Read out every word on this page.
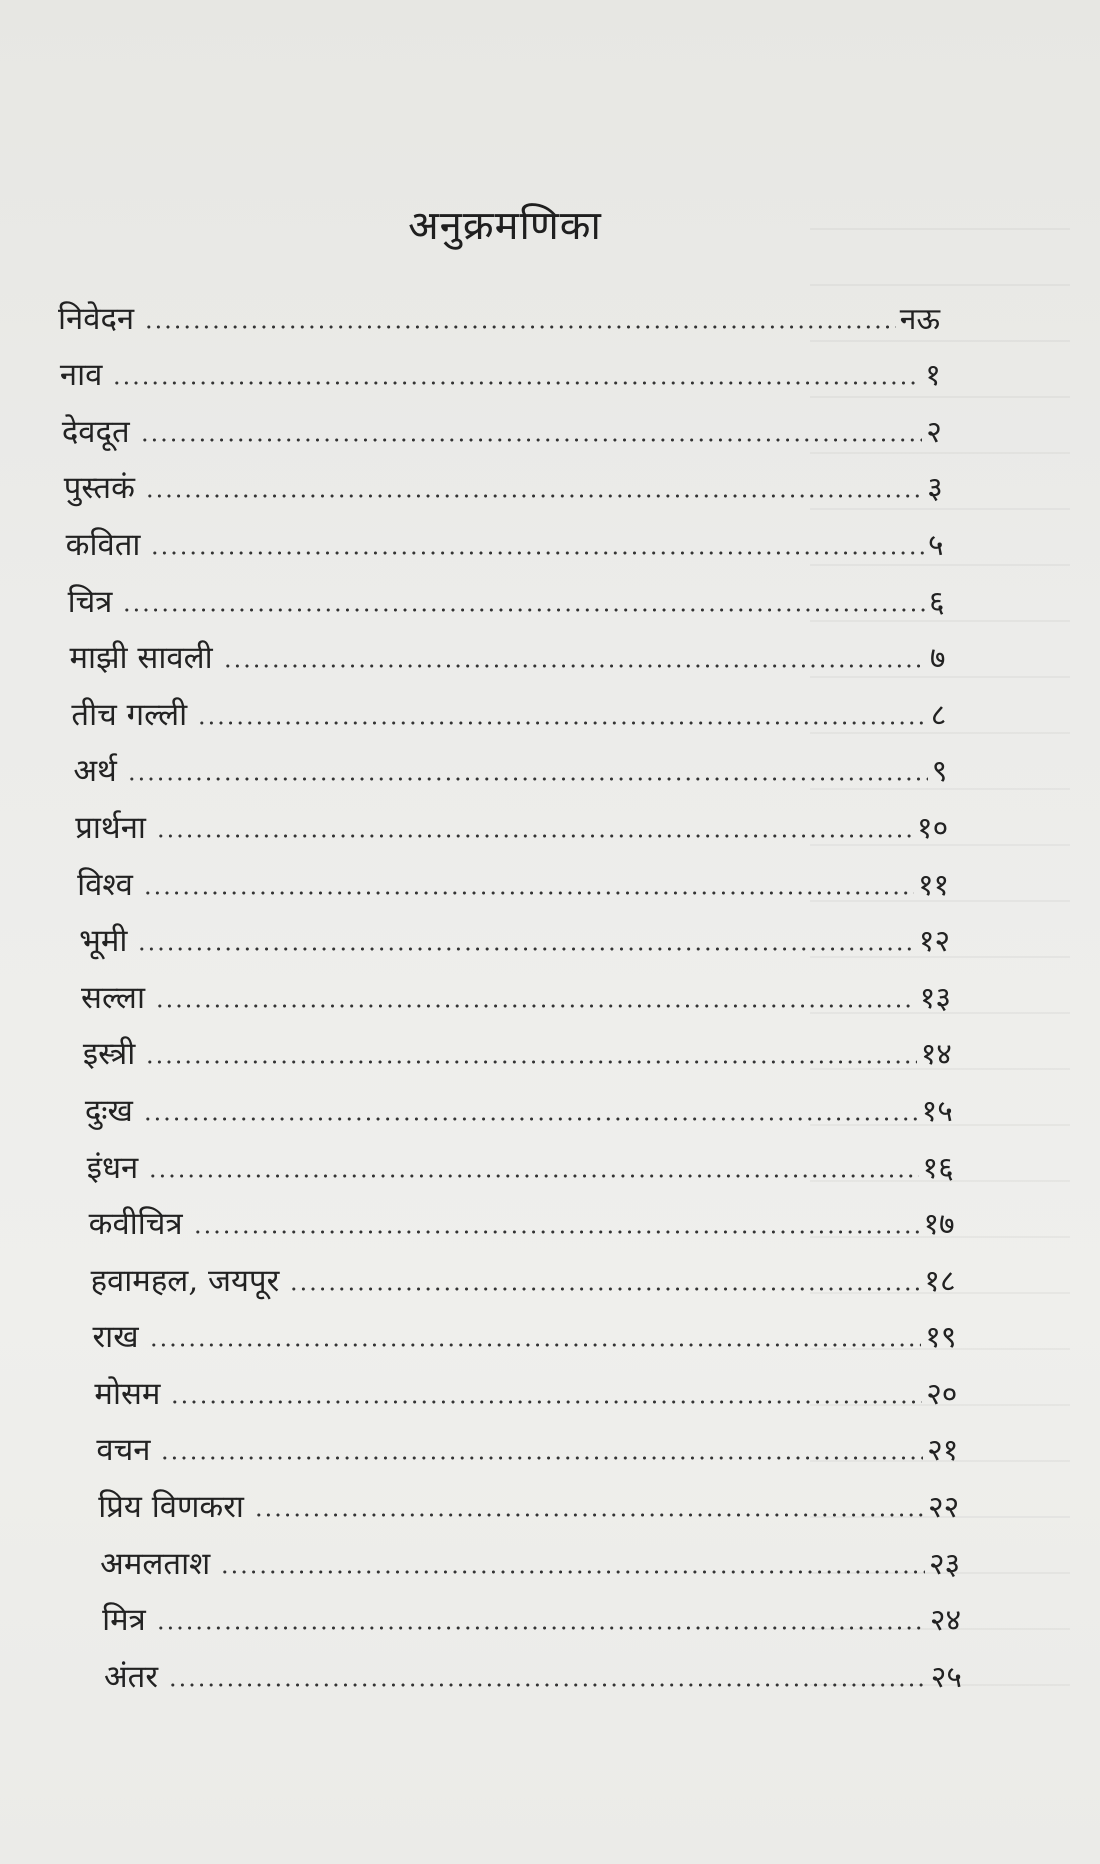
अनुक्रमणिका
निवेदन	नऊ
नाव	१
देवदूत	२
पुस्तकं	३
कविता	५
चित्र	६
माझी सावली	७
तीच गल्ली	८
अर्थ	९
प्रार्थना	१०
विश्व	११
भूमी	१२
सल्ला	१३
इस्त्री	१४
दुःख	१५
इंधन	१६
कवीचित्र	१७
हवामहल, जयपूर	१८
राख	१९
मोसम	२०
वचन	२१
प्रिय विणकरा	२२
अमलताश	२३
मित्र	२४
अंतर	२५
